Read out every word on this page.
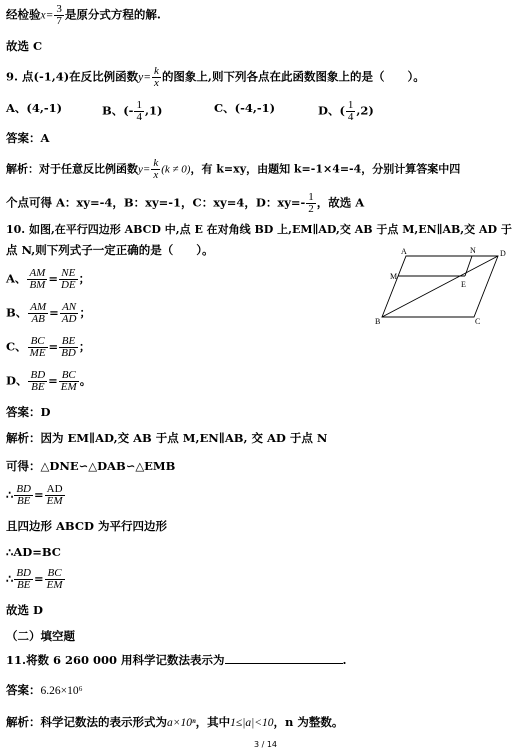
经检验$x= \frac{3}{7}$ 是原分式方程的解.
故选 C
9. 点(-1,4)在反比例函数$y= \frac{k}{x}$ 的图象上,则下列各点在此函数图象上的是（　　）。
A、(4,-1)	B、(- $\frac{1}{4} ,1$)	C、(-4,-1)	D、( $\frac{1}{4} ,2$)
答案：A
解析：对于任意反比例函数$y= \frac{k}{x} (k \ne 0)$，有 k=xy，由题知 k=-1×4=-4，分别计算答案中四
个点可得 A：xy=-4，B：xy=-1，C：xy=4，D：$xy=- \frac{1}{2}$ ，故选 A
10. 如图,在平行四边形 ABCD 中,点 E 在对角线 BD 上,EM∥AD,交 AB 于点 M,EN∥AB,交 AD 于
点 N,则下列式子一定正确的是（　　）。
A、 $\frac{AM}{BM} = \frac{NE}{DE}$ ；
B、 $\frac{AM}{AB} = \frac{AN}{AD}$ ；
C、 $\frac{BC}{ME} = \frac{BE}{BD}$ ；
D、 $\frac{BD}{BE} = \frac{BC}{EM}$ 。
A	N	D
M
E
B	C
答案：D
解析：因为 EM∥AD,交 AB 于点 M,EN∥AB, 交 AD 于点 N
可得：△DNE∽△DAB∽△EMB
∴ $\frac{BD}{BE} = \frac{AD}{EM}$
且四边形 ABCD 为平行四边形
∴AD=BC
∴ $\frac{BD}{BE} = \frac{BC}{EM}$
故选 D
（二）填空题
11.将数 6 260 000 用科学记数法表示为	.
答案：6.26×10⁶
解析：科学记数法的表示形式为a×10ⁿ，其中1≤|a|<10，n 为整数。
3 / 14
